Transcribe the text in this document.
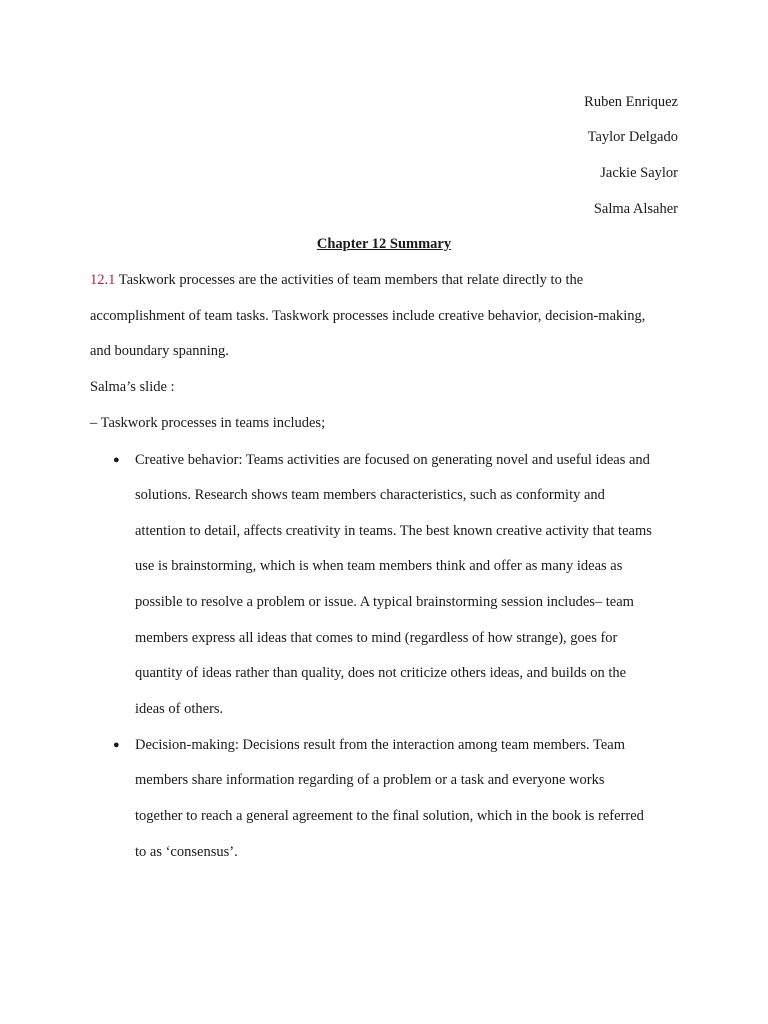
Ruben Enriquez
Taylor Delgado
Jackie Saylor
Salma Alsaher
Chapter 12 Summary
12.1 Taskwork processes are the activities of team members that relate directly to the
accomplishment of team tasks. Taskwork processes include creative behavior, decision-making,
and boundary spanning.
Salma’s slide :
– Taskwork processes in teams includes;
● Creative behavior: Teams activities are focused on generating novel and useful ideas and
solutions. Research shows team members characteristics, such as conformity and
attention to detail, affects creativity in teams. The best known creative activity that teams
use is brainstorming, which is when team members think and offer as many ideas as
possible to resolve a problem or issue. A typical brainstorming session includes– team
members express all ideas that comes to mind (regardless of how strange), goes for
quantity of ideas rather than quality, does not criticize others ideas, and builds on the
ideas of others.
● Decision-making: Decisions result from the interaction among team members. Team
members share information regarding of a problem or a task and everyone works
together to reach a general agreement to the final solution, which in the book is referred
to as ‘consensus’.
